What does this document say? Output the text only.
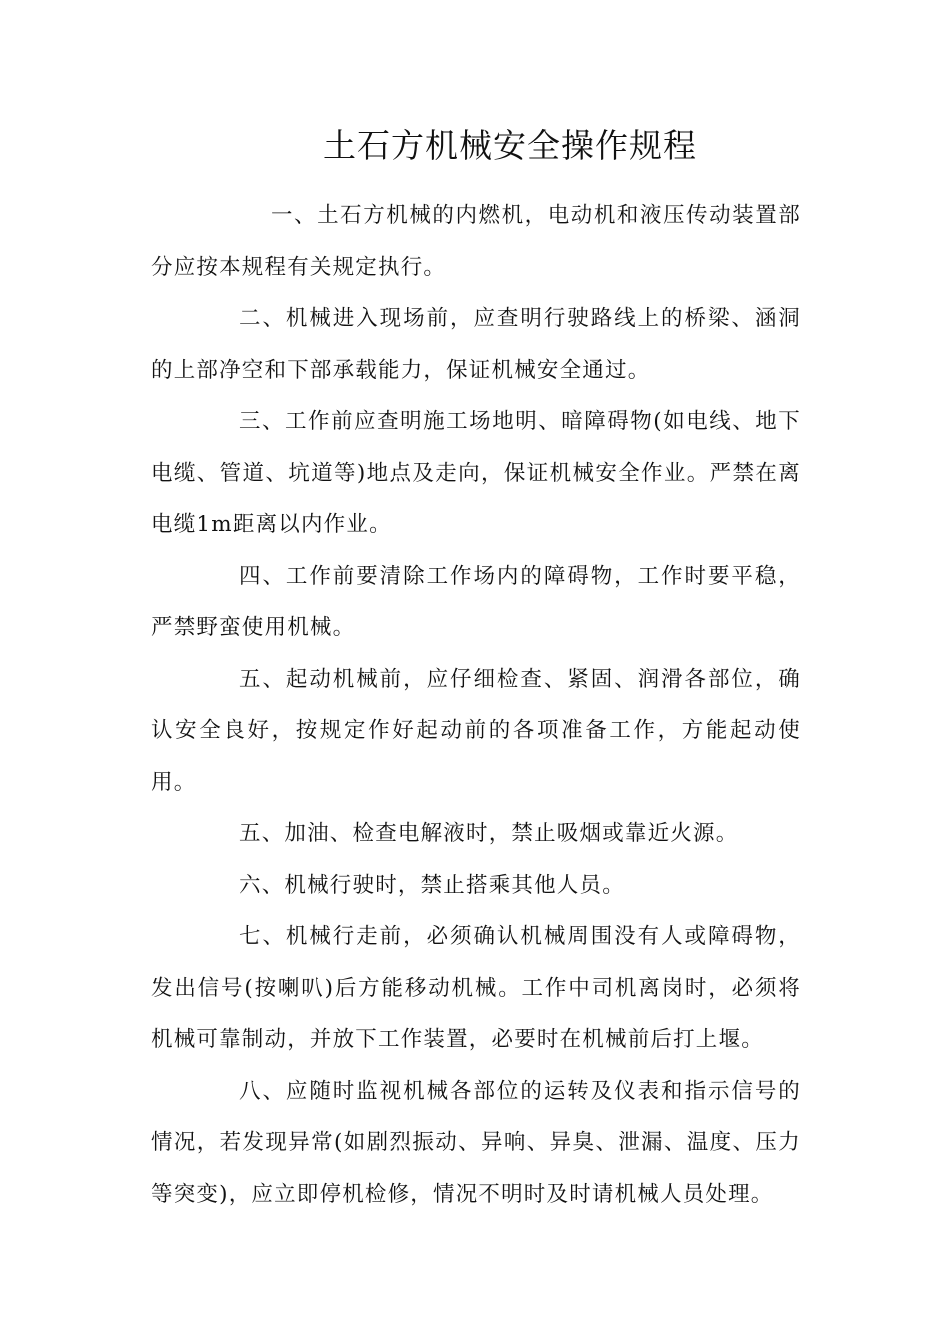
土石方机械安全操作规程

一、土石方机械的内燃机，电动机和液压传动装置部分应按本规程有关规定执行。

二、机械进入现场前，应查明行驶路线上的桥梁、涵洞的上部净空和下部承载能力，保证机械安全通过。

三、工作前应查明施工场地明、暗障碍物(如电线、地下电缆、管道、坑道等)地点及走向，保证机械安全作业。严禁在离电缆1m距离以内作业。

四、工作前要清除工作场内的障碍物，工作时要平稳，严禁野蛮使用机械。

五、起动机械前，应仔细检查、紧固、润滑各部位，确认安全良好，按规定作好起动前的各项准备工作，方能起动使用。

五、加油、检查电解液时，禁止吸烟或靠近火源。

六、机械行驶时，禁止搭乘其他人员。

七、机械行走前，必须确认机械周围没有人或障碍物，发出信号(按喇叭)后方能移动机械。工作中司机离岗时，必须将机械可靠制动，并放下工作装置，必要时在机械前后打上堰。

八、应随时监视机械各部位的运转及仪表和指示信号的情况，若发现异常(如剧烈振动、异响、异臭、泄漏、温度、压力等突变)，应立即停机检修，情况不明时及时请机械人员处理。
